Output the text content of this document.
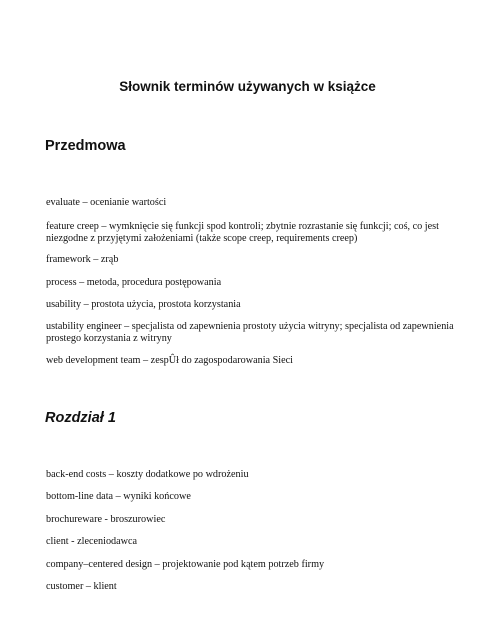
Słownik terminów używanych w książce
Przedmowa

evaluate – ocenianie wartości

feature creep – wymknięcie się funkcji spod kontroli; zbytnie rozrastanie się funkcji; coś, co jest niezgodne z przyjętymi założeniami (także scope creep, requirements creep)

framework – zrąb

process – metoda, procedura postępowania

usability – prostota użycia, prostota korzystania

ustability engineer – specjalista od zapewnienia prostoty użycia witryny; specjalista od zapewnienia prostego korzystania z witryny

web development team – zespÛł do zagospodarowania Sieci

Rozdział 1

back-end costs – koszty dodatkowe po wdrożeniu

bottom-line data – wyniki końcowe

brochureware - broszurowiec

client - zleceniodawca

company–centered design – projektowanie pod kątem potrzeb firmy

customer – klient
